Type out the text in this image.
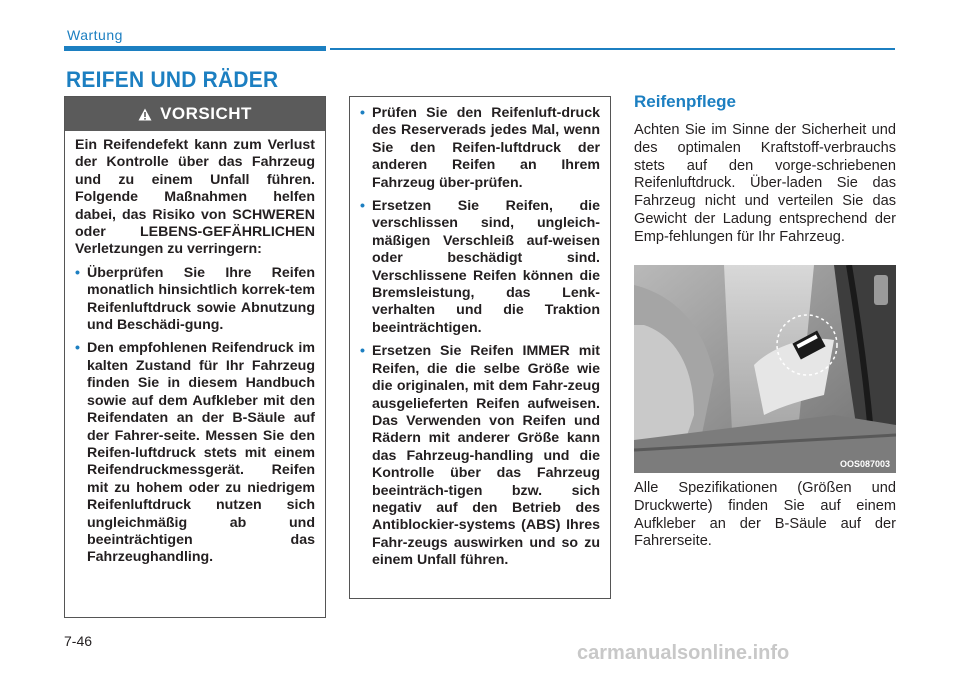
Wartung
REIFEN UND RÄDER
VORSICHT

Ein Reifendefekt kann zum Verlust der Kontrolle über das Fahrzeug und zu einem Unfall führen. Folgende Maßnahmen helfen dabei, das Risiko von SCHWEREN oder LEBENS-GEFÄHRLICHEN Verletzungen zu verringern:

• Überprüfen Sie Ihre Reifen monatlich hinsichtlich korrek-tem Reifenluftdruck sowie Abnutzung und Beschädi-gung.
• Den empfohlenen Reifendruck im kalten Zustand für Ihr Fahrzeug finden Sie in diesem Handbuch sowie auf dem Aufkleber mit den Reifendaten an der B-Säule auf der Fahrer-seite. Messen Sie den Reifen-luftdruck stets mit einem Reifendruckmessgerät. Reifen mit zu hohem oder zu niedrigem Reifenluftdruck nutzen sich ungleichmäßig ab und beeinträchtigen das Fahrzeughandling.
• Prüfen Sie den Reifenluft-druck des Reserverads jedes Mal, wenn Sie den Reifen-luftdruck der anderen Reifen an Ihrem Fahrzeug über-prüfen.
• Ersetzen Sie Reifen, die verschlissen sind, ungleich-mäßigen Verschleiß auf-weisen oder beschädigt sind. Verschlissene Reifen können die Bremsleistung, das Lenk-verhalten und die Traktion beeinträchtigen.
• Ersetzen Sie Reifen IMMER mit Reifen, die die selbe Größe wie die originalen, mit dem Fahr-zeug ausgelieferten Reifen aufweisen. Das Verwenden von Reifen und Rädern mit anderer Größe kann das Fahrzeug-handling und die Kontrolle über das Fahrzeug beeinträch-tigen bzw. sich negativ auf den Betrieb des Antiblockier-systems (ABS) Ihres Fahr-zeugs auswirken und so zu einem Unfall führen.
Reifenpflege

Achten Sie im Sinne der Sicherheit und des optimalen Kraftstoff-verbrauchs stets auf den vorge-schriebenen Reifenluftdruck. Über-laden Sie das Fahrzeug nicht und verteilen Sie das Gewicht der Ladung entsprechend der Emp-fehlungen für Ihr Fahrzeug.

OOS087003

Alle Spezifikationen (Größen und Druckwerte) finden Sie auf einem Aufkleber an der B-Säule auf der Fahrerseite.

7-46
carmanualsonline.info
